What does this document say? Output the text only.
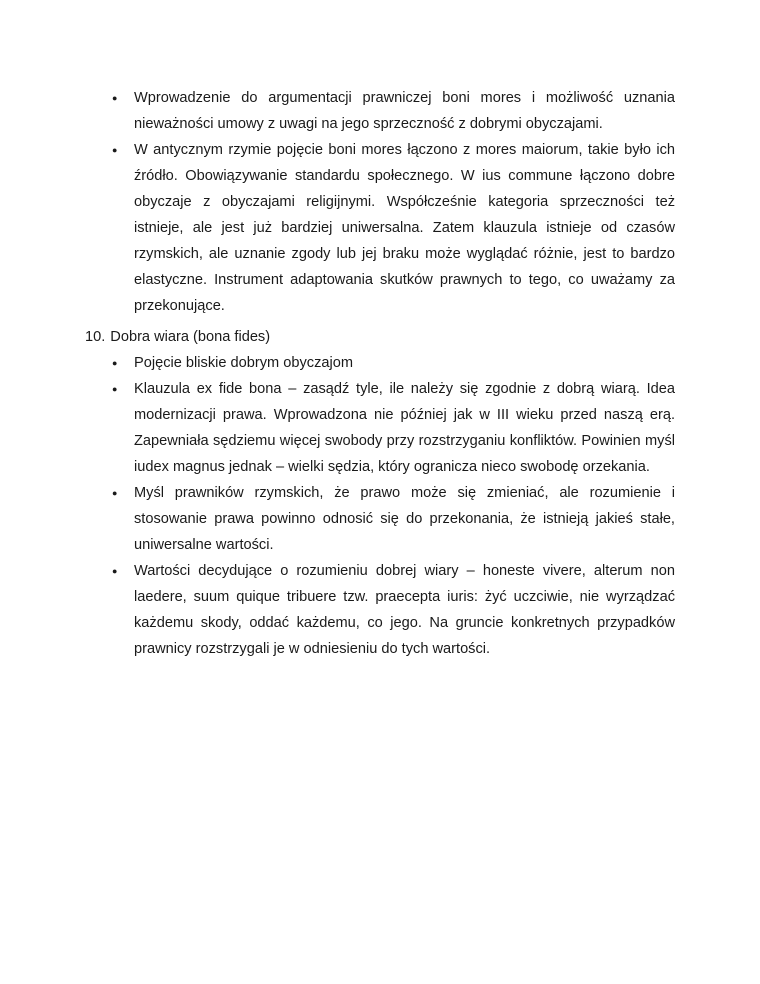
●	Wprowadzenie do argumentacji prawniczej boni mores i możliwość uznania nieważności umowy z uwagi na jego sprzeczność z dobrymi obyczajami.
●	W antycznym rzymie pojęcie boni mores łączono z mores maiorum, takie było ich źródło. Obowiązywanie standardu społecznego. W ius commune łączono dobre obyczaje z obyczajami religijnymi. Współcześnie kategoria sprzeczności też istnieje, ale jest już bardziej uniwersalna. Zatem klauzula istnieje od czasów rzymskich, ale uznanie zgody lub jej braku może wyglądać różnie, jest to bardzo elastyczne. Instrument adaptowania skutków prawnych to tego, co uważamy za przekonujące.
10. Dobra wiara (bona fides)
●	Pojęcie bliskie dobrym obyczajom
●	Klauzula ex fide bona – zasądź tyle, ile należy się zgodnie z dobrą wiarą. Idea modernizacji prawa. Wprowadzona nie później jak w III wieku przed naszą erą. Zapewniała sędziemu więcej swobody przy rozstrzyganiu konfliktów. Powinien myśl iudex magnus jednak – wielki sędzia, który ogranicza nieco swobodę orzekania.
●	Myśl prawników rzymskich, że prawo może się zmieniać, ale rozumienie i stosowanie prawa powinno odnosić się do przekonania, że istnieją jakieś stałe, uniwersalne wartości.
●	Wartości decydujące o rozumieniu dobrej wiary – honeste vivere, alterum non laedere, suum quique tribuere tzw. praecepta iuris: żyć uczciwie, nie wyrządzać każdemu skody, oddać każdemu, co jego. Na gruncie konkretnych przypadków prawnicy rozstrzygali je w odniesieniu do tych wartości.
